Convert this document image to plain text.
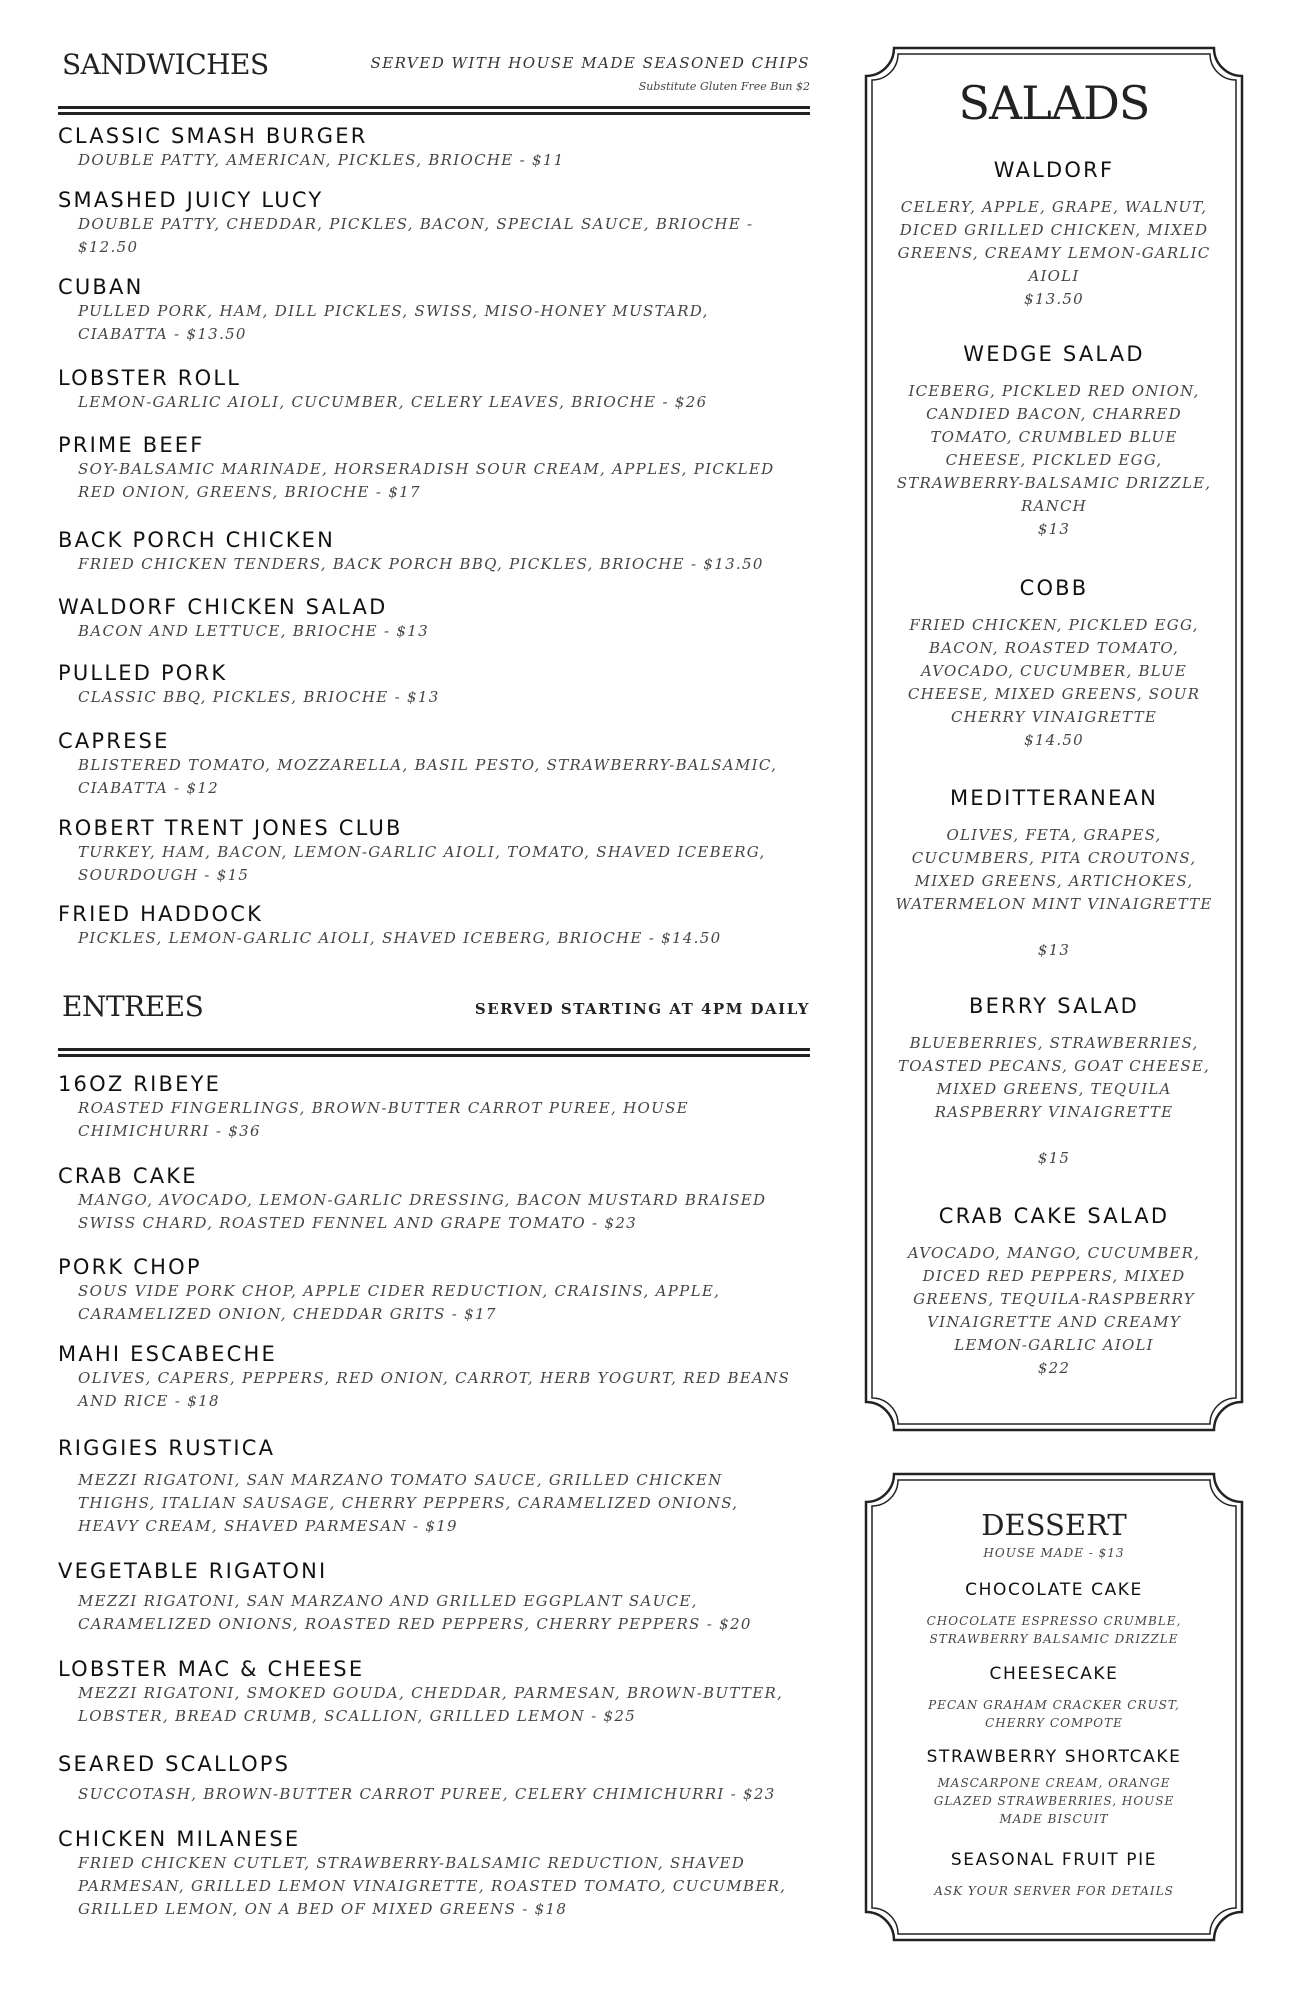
SANDWICHES	SERVED WITH HOUSE MADE SEASONED CHIPS
Substitute Gluten Free Bun $2
CLASSIC SMASH BURGER
DOUBLE PATTY, AMERICAN, PICKLES, BRIOCHE - $11
SMASHED JUICY LUCY
DOUBLE PATTY, CHEDDAR, PICKLES, BACON, SPECIAL SAUCE, BRIOCHE - $12.50
CUBAN
PULLED PORK, HAM, DILL PICKLES, SWISS, MISO-HONEY MUSTARD, CIABATTA - $13.50
LOBSTER ROLL
LEMON-GARLIC AIOLI, CUCUMBER, CELERY LEAVES, BRIOCHE - $26
PRIME BEEF
SOY-BALSAMIC MARINADE, HORSERADISH SOUR CREAM, APPLES, PICKLED RED ONION, GREENS, BRIOCHE - $17
BACK PORCH CHICKEN
FRIED CHICKEN TENDERS, BACK PORCH BBQ, PICKLES, BRIOCHE - $13.50
WALDORF CHICKEN SALAD
BACON AND LETTUCE, BRIOCHE - $13
PULLED PORK
CLASSIC BBQ, PICKLES, BRIOCHE - $13
CAPRESE
BLISTERED TOMATO, MOZZARELLA, BASIL PESTO, STRAWBERRY-BALSAMIC, CIABATTA - $12
ROBERT TRENT JONES CLUB
TURKEY, HAM, BACON, LEMON-GARLIC AIOLI, TOMATO, SHAVED ICEBERG, SOURDOUGH - $15
FRIED HADDOCK
PICKLES, LEMON-GARLIC AIOLI, SHAVED ICEBERG, BRIOCHE - $14.50
ENTREES	SERVED STARTING AT 4PM DAILY
16OZ RIBEYE
ROASTED FINGERLINGS, BROWN-BUTTER CARROT PUREE, HOUSE CHIMICHURRI - $36
CRAB CAKE
MANGO, AVOCADO, LEMON-GARLIC DRESSING, BACON MUSTARD BRAISED SWISS CHARD, ROASTED FENNEL AND GRAPE TOMATO - $23
PORK CHOP
SOUS VIDE PORK CHOP, APPLE CIDER REDUCTION, CRAISINS, APPLE, CARAMELIZED ONION, CHEDDAR GRITS - $17
MAHI ESCABECHE
OLIVES, CAPERS, PEPPERS, RED ONION, CARROT, HERB YOGURT, RED BEANS AND RICE - $18
RIGGIES RUSTICA
MEZZI RIGATONI, SAN MARZANO TOMATO SAUCE, GRILLED CHICKEN THIGHS, ITALIAN SAUSAGE, CHERRY PEPPERS, CARAMELIZED ONIONS, HEAVY CREAM, SHAVED PARMESAN - $19
VEGETABLE RIGATONI
MEZZI RIGATONI, SAN MARZANO AND GRILLED EGGPLANT SAUCE, CARAMELIZED ONIONS, ROASTED RED PEPPERS, CHERRY PEPPERS - $20
LOBSTER MAC & CHEESE
MEZZI RIGATONI, SMOKED GOUDA, CHEDDAR, PARMESAN, BROWN-BUTTER, LOBSTER, BREAD CRUMB, SCALLION, GRILLED LEMON - $25
SEARED SCALLOPS
SUCCOTASH, BROWN-BUTTER CARROT PUREE, CELERY CHIMICHURRI - $23
CHICKEN MILANESE
FRIED CHICKEN CUTLET, STRAWBERRY-BALSAMIC REDUCTION, SHAVED PARMESAN, GRILLED LEMON VINAIGRETTE, ROASTED TOMATO, CUCUMBER, GRILLED LEMON, ON A BED OF MIXED GREENS - $18
SALADS
WALDORF
CELERY, APPLE, GRAPE, WALNUT, DICED GRILLED CHICKEN, MIXED GREENS, CREAMY LEMON-GARLIC AIOLI
$13.50
WEDGE SALAD
ICEBERG, PICKLED RED ONION, CANDIED BACON, CHARRED TOMATO, CRUMBLED BLUE CHEESE, PICKLED EGG, STRAWBERRY-BALSAMIC DRIZZLE, RANCH
$13
COBB
FRIED CHICKEN, PICKLED EGG, BACON, ROASTED TOMATO, AVOCADO, CUCUMBER, BLUE CHEESE, MIXED GREENS, SOUR CHERRY VINAIGRETTE
$14.50
MEDITTERANEAN
OLIVES, FETA, GRAPES, CUCUMBERS, PITA CROUTONS, MIXED GREENS, ARTICHOKES, WATERMELON MINT VINAIGRETTE
$13
BERRY SALAD
BLUEBERRIES, STRAWBERRIES, TOASTED PECANS, GOAT CHEESE, MIXED GREENS, TEQUILA RASPBERRY VINAIGRETTE
$15
CRAB CAKE SALAD
AVOCADO, MANGO, CUCUMBER, DICED RED PEPPERS, MIXED GREENS, TEQUILA-RASPBERRY VINAIGRETTE AND CREAMY LEMON-GARLIC AIOLI
$22
DESSERT
HOUSE MADE - $13
CHOCOLATE CAKE
CHOCOLATE ESPRESSO CRUMBLE, STRAWBERRY BALSAMIC DRIZZLE
CHEESECAKE
PECAN GRAHAM CRACKER CRUST, CHERRY COMPOTE
STRAWBERRY SHORTCAKE
MASCARPONE CREAM, ORANGE GLAZED STRAWBERRIES, HOUSE MADE BISCUIT
SEASONAL FRUIT PIE
ASK YOUR SERVER FOR DETAILS
